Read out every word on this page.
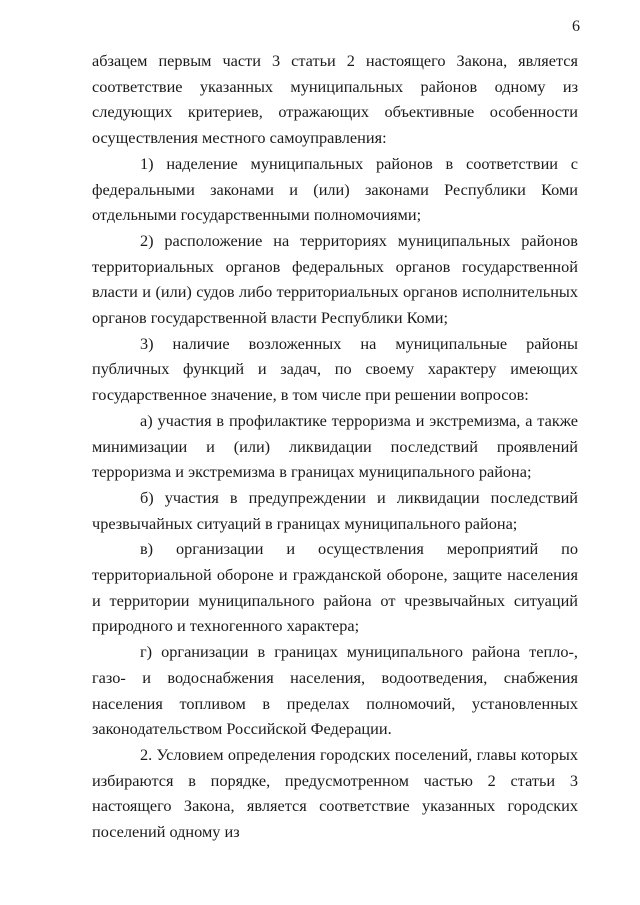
6

абзацем первым части 3 статьи 2 настоящего Закона, является соответствие указанных муниципальных районов одному из следующих критериев, отражающих объективные особенности осуществления местного самоуправления:

1) наделение муниципальных районов в соответствии с федеральными законами и (или) законами Республики Коми отдельными государственными полномочиями;

2) расположение на территориях муниципальных районов территориальных органов федеральных органов государственной власти и (или) судов либо территориальных органов исполнительных органов государственной власти Республики Коми;

3) наличие возложенных на муниципальные районы публичных функций и задач, по своему характеру имеющих государственное значение, в том числе при решении вопросов:

а) участия в профилактике терроризма и экстремизма, а также минимизации и (или) ликвидации последствий проявлений терроризма и экстремизма в границах муниципального района;

б) участия в предупреждении и ликвидации последствий чрезвычайных ситуаций в границах муниципального района;

в) организации и осуществления мероприятий по территориальной обороне и гражданской обороне, защите населения и территории муниципального района от чрезвычайных ситуаций природного и техногенного характера;

г) организации в границах муниципального района тепло-, газо- и водоснабжения населения, водоотведения, снабжения населения топливом в пределах полномочий, установленных законодательством Российской Федерации.

2. Условием определения городских поселений, главы которых избираются в порядке, предусмотренном частью 2 статьи 3 настоящего Закона, является соответствие указанных городских поселений одному из
